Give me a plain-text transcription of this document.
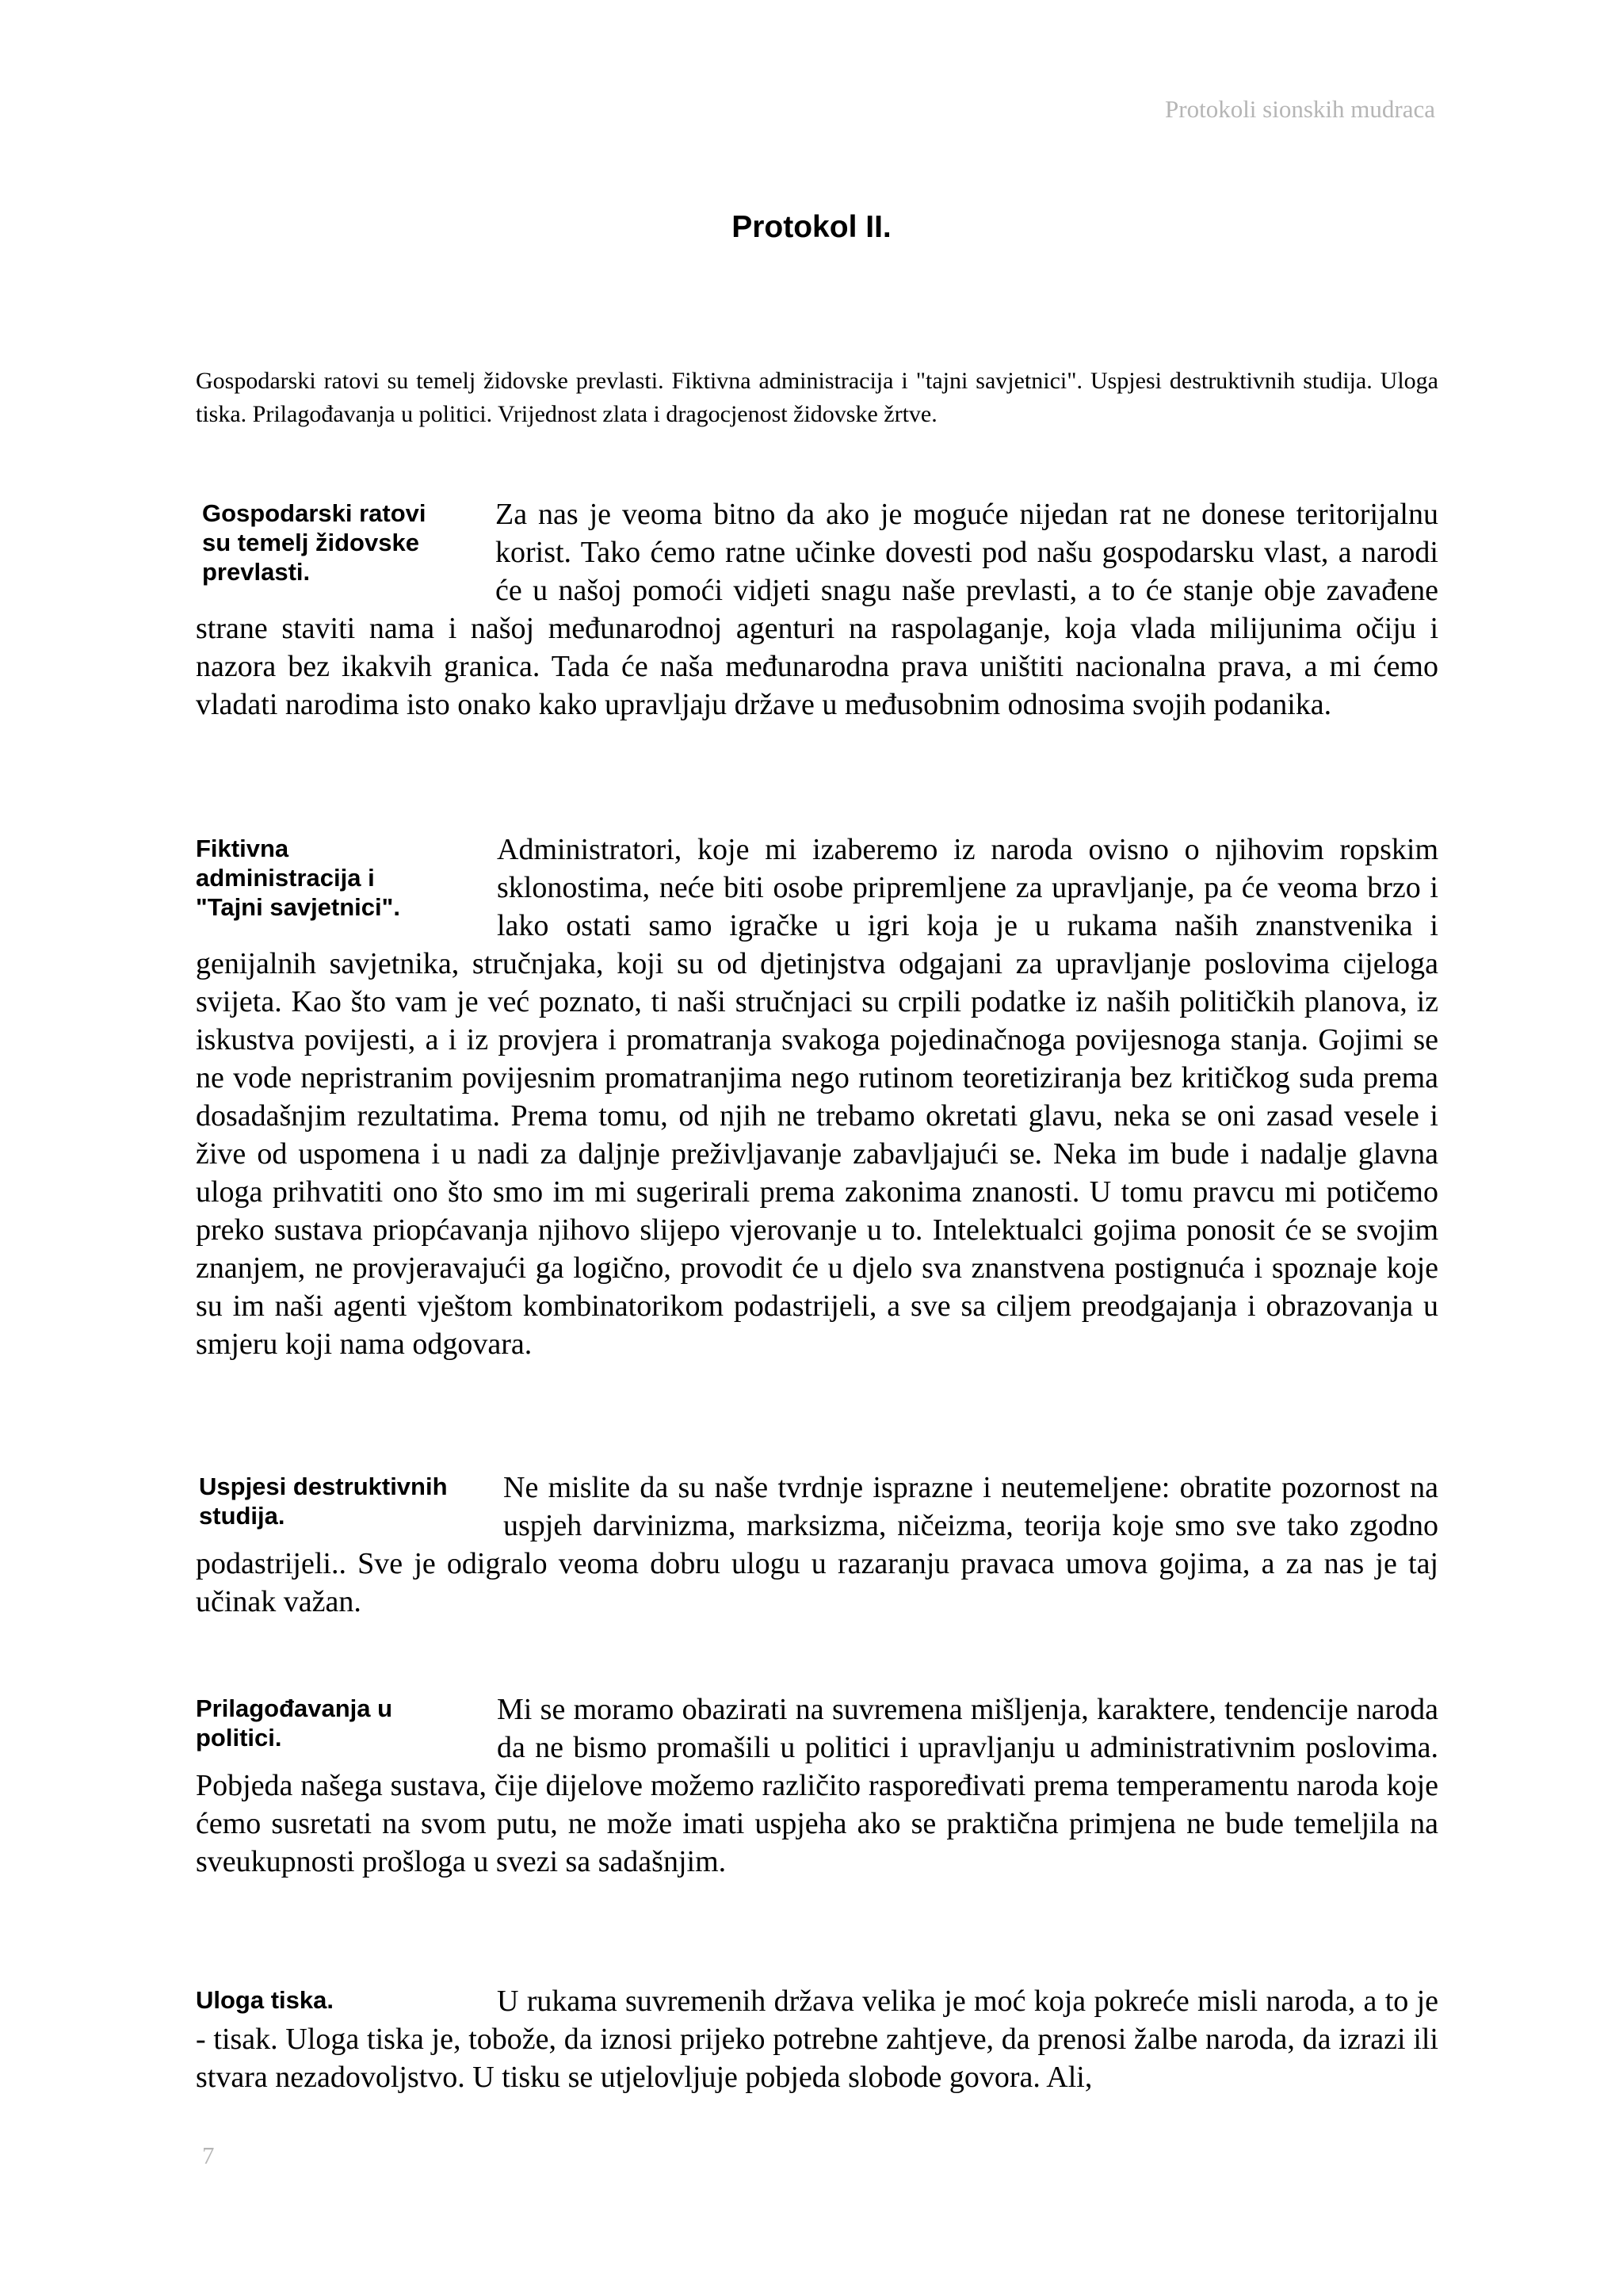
Protokoli sionskih mudraca
Protokol II.
Gospodarski ratovi su temelj židovske prevlasti. Fiktivna administracija i "tajni savjetnici". Uspjesi destruktivnih studija. Uloga tiska. Prilagođavanja u politici. Vrijednost zlata i dragocjenost židovske žrtve.
Gospodarski ratovi
su temelj židovske
prevlasti.

Za nas je veoma bitno da ako je moguće nijedan rat ne donese teritorijalnu korist. Tako ćemo ratne učinke dovesti pod našu gospodarsku vlast, a narodi će u našoj pomoći vidjeti snagu naše prevlasti, a to će stanje obje zavađene strane staviti nama i našoj međunarodnoj agenturi na raspolaganje, koja vlada milijunima očiju i nazora bez ikakvih granica. Tada će naša međunarodna prava uništiti nacionalna prava, a mi ćemo vladati narodima isto onako kako upravljaju države u međusobnim odnosima svojih podanika.

Fiktivna
administracija i
"Tajni savjetnici".

Administratori, koje mi izaberemo iz naroda ovisno o njihovim ropskim sklonostima, neće biti osobe pripremljene za upravljanje, pa će veoma brzo i lako ostati samo igračke u igri koja je u rukama naših znanstvenika i genijalnih savjetnika, stručnjaka, koji su od djetinjstva odgajani za upravljanje poslovima cijeloga svijeta. Kao što vam je već poznato, ti naši stručnjaci su crpili podatke iz naših političkih planova, iz iskustva povijesti, a i iz provjera i promatranja svakoga pojedinačnoga povijesnoga stanja. Gojimi se ne vode nepristranim povijesnim promatranjima nego rutinom teoretiziranja bez kritičkog suda prema dosadašnjim rezultatima. Prema tomu, od njih ne trebamo okretati glavu, neka se oni zasad vesele i žive od uspomena i u nadi za daljnje preživljavanje zabavljajući se. Neka im bude i nadalje glavna uloga prihvatiti ono što smo im mi sugerirali prema zakonima znanosti. U tomu pravcu mi potičemo preko sustava priopćavanja njihovo slijepo vjerovanje u to. Intelektualci gojima ponosit će se svojim znanjem, ne provjeravajući ga logično, provodit će u djelo sva znanstvena postignuća i spoznaje koje su im naši agenti vještom kombinatorikom podastrijeli, a sve sa ciljem preodgajanja i obrazovanja u smjeru koji nama odgovara.

Uspjesi destruktivnih
studija.

Ne mislite da su naše tvrdnje isprazne i neutemeljene: obratite pozornost na uspjeh darvinizma, marksizma, ničeizma, teorija koje smo sve tako zgodno podastrijeli.. Sve je odigralo veoma dobru ulogu u razaranju pravaca umova gojima, a za nas je taj učinak važan.

Prilagođavanja u
politici.

Mi se moramo obazirati na suvremena mišljenja, karaktere, tendencije naroda da ne bismo promašili u politici i upravljanju u administrativnim poslovima. Pobjeda našega sustava, čije dijelove možemo različito raspoređivati prema temperamentu naroda koje ćemo susretati na svom putu, ne može imati uspjeha ako se praktična primjena ne bude temeljila na sveukupnosti prošloga u svezi sa sadašnjim.

Uloga tiska.	U rukama suvremenih država velika je moć koja pokreće misli naroda, a to je - tisak. Uloga tiska je, tobože, da iznosi prijeko potrebne zahtjeve, da prenosi žalbe naroda, da izrazi ili stvara nezadovoljstvo. U tisku se utjelovljuje pobjeda slobode govora. Ali,

7
